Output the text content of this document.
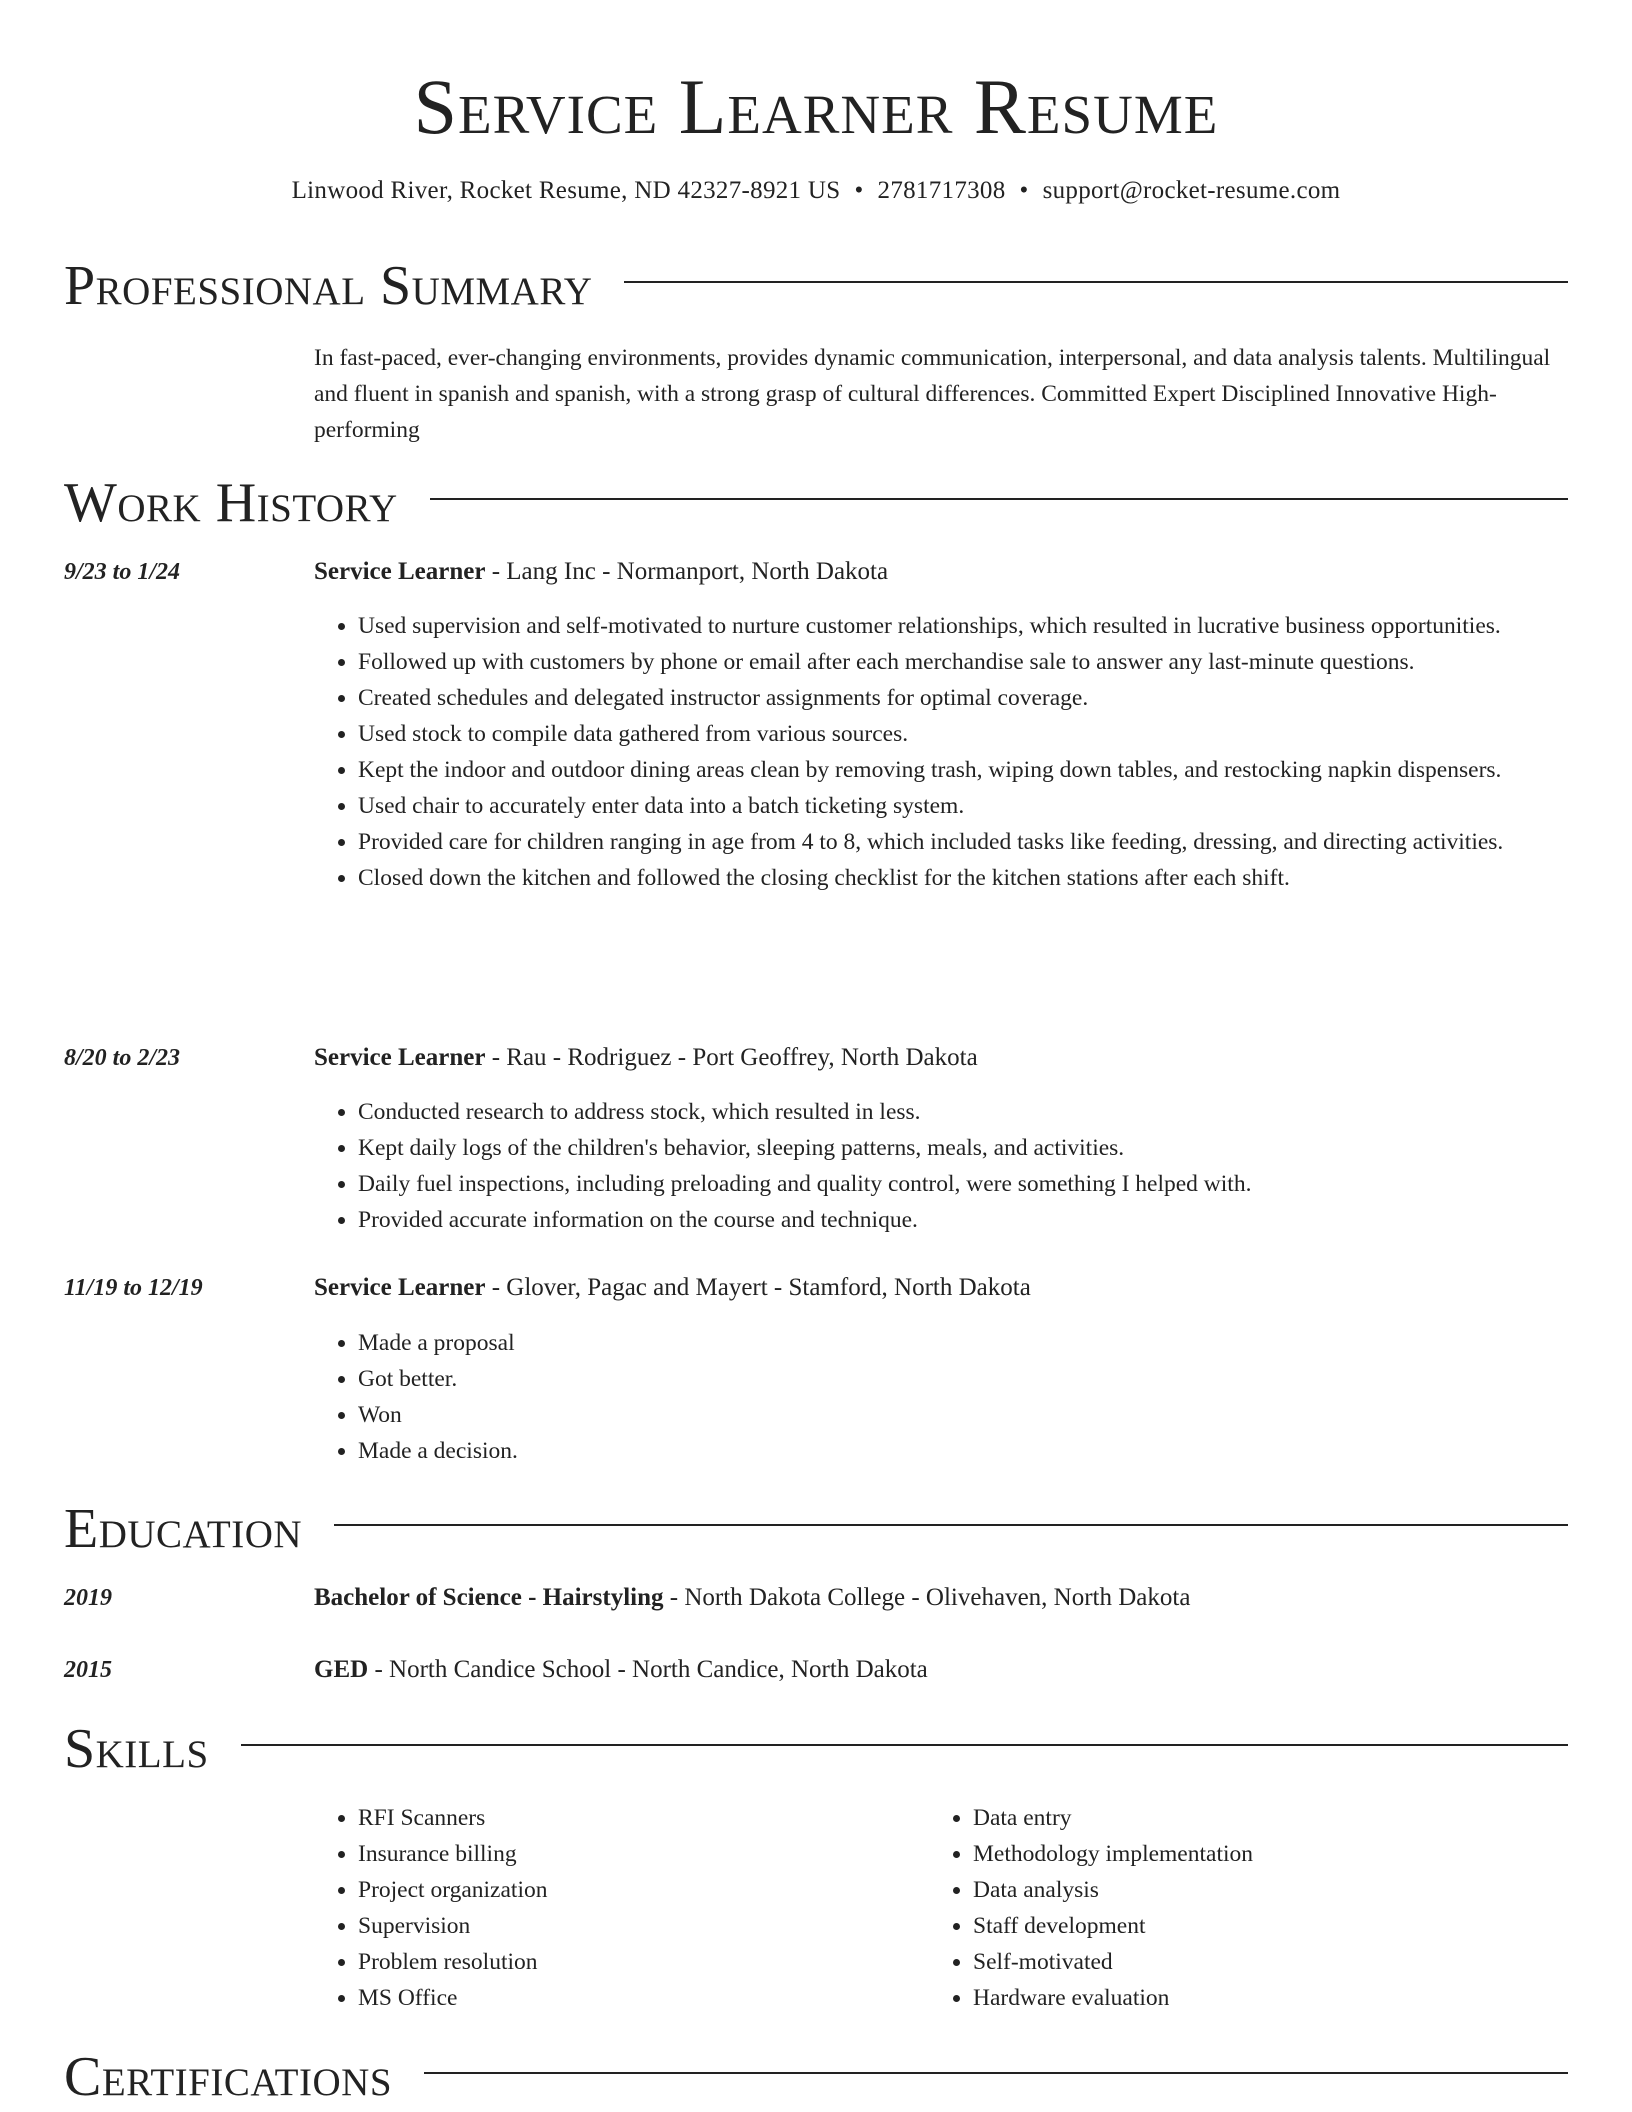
Service Learner Resume
Linwood River, Rocket Resume, ND 42327-8921 US • 2781717308 • support@rocket-resume.com
Professional Summary
In fast-paced, ever-changing environments, provides dynamic communication, interpersonal, and data analysis talents. Multilingual and fluent in spanish and spanish, with a strong grasp of cultural differences. Committed Expert Disciplined Innovative High-performing
Work History
9/23 to 1/24	Service Learner - Lang Inc - Normanport, North Dakota
• Used supervision and self-motivated to nurture customer relationships, which resulted in lucrative business opportunities.
• Followed up with customers by phone or email after each merchandise sale to answer any last-minute questions.
• Created schedules and delegated instructor assignments for optimal coverage.
• Used stock to compile data gathered from various sources.
• Kept the indoor and outdoor dining areas clean by removing trash, wiping down tables, and restocking napkin dispensers.
• Used chair to accurately enter data into a batch ticketing system.
• Provided care for children ranging in age from 4 to 8, which included tasks like feeding, dressing, and directing activities.
• Closed down the kitchen and followed the closing checklist for the kitchen stations after each shift.
8/20 to 2/23	Service Learner - Rau - Rodriguez - Port Geoffrey, North Dakota
• Conducted research to address stock, which resulted in less.
• Kept daily logs of the children's behavior, sleeping patterns, meals, and activities.
• Daily fuel inspections, including preloading and quality control, were something I helped with.
• Provided accurate information on the course and technique.
11/19 to 12/19	Service Learner - Glover, Pagac and Mayert - Stamford, North Dakota
• Made a proposal
• Got better.
• Won
• Made a decision.
Education
2019	Bachelor of Science - Hairstyling - North Dakota College - Olivehaven, North Dakota
2015	GED - North Candice School - North Candice, North Dakota
Skills
• RFI Scanners
• Insurance billing
• Project organization
• Supervision
• Problem resolution
• MS Office
• Data entry
• Methodology implementation
• Data analysis
• Staff development
• Self-motivated
• Hardware evaluation
Certifications
